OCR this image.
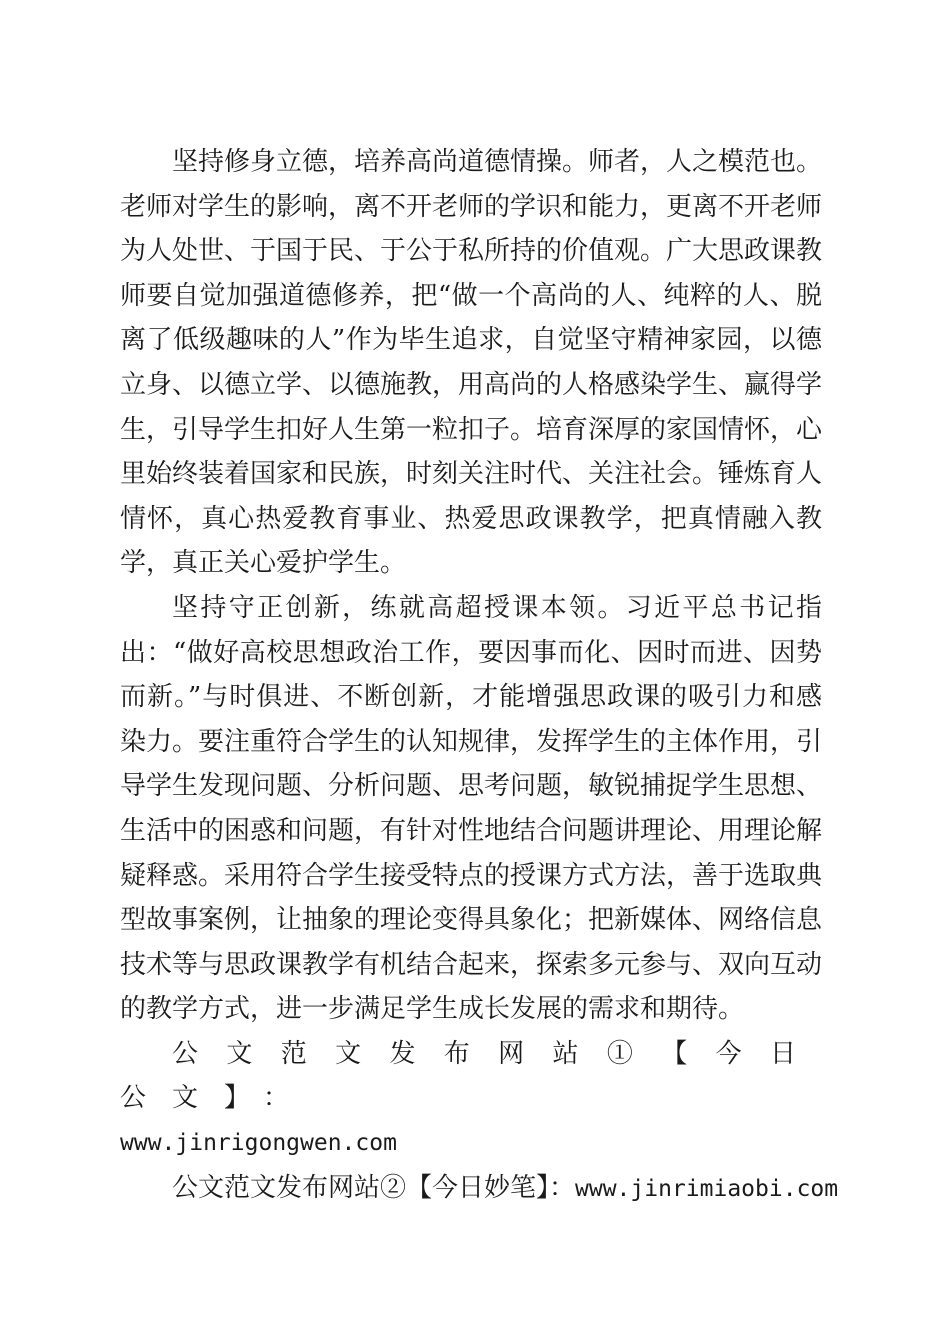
坚持修身立德，培养高尚道德情操。师者，人之模范也。老师对学生的影响，离不开老师的学识和能力，更离不开老师为人处世、于国于民、于公于私所持的价值观。广大思政课教师要自觉加强道德修养，把“做一个高尚的人、纯粹的人、脱离了低级趣味的人”作为毕生追求，自觉坚守精神家园，以德立身、以德立学、以德施教，用高尚的人格感染学生、赢得学生，引导学生扣好人生第一粒扣子。培育深厚的家国情怀，心里始终装着国家和民族，时刻关注时代、关注社会。锤炼育人情怀，真心热爱教育事业、热爱思政课教学，把真情融入教学，真正关心爱护学生。

坚持守正创新，练就高超授课本领。习近平总书记指出：“做好高校思想政治工作，要因事而化、因时而进、因势而新。”与时俱进、不断创新，才能增强思政课的吸引力和感染力。要注重符合学生的认知规律，发挥学生的主体作用，引导学生发现问题、分析问题、思考问题，敏锐捕捉学生思想、生活中的困惑和问题，有针对性地结合问题讲理论、用理论解疑释惑。采用符合学生接受特点的授课方式方法，善于选取典型故事案例，让抽象的理论变得具象化；把新媒体、网络信息技术等与思政课教学有机结合起来，探索多元参与、双向互动的教学方式，进一步满足学生成长发展的需求和期待。

公文范文发布网站①【今日公文】：
www.jinrigongwen.com

公文范文发布网站②【今日妙笔】：www.jinrimiaobi.com
